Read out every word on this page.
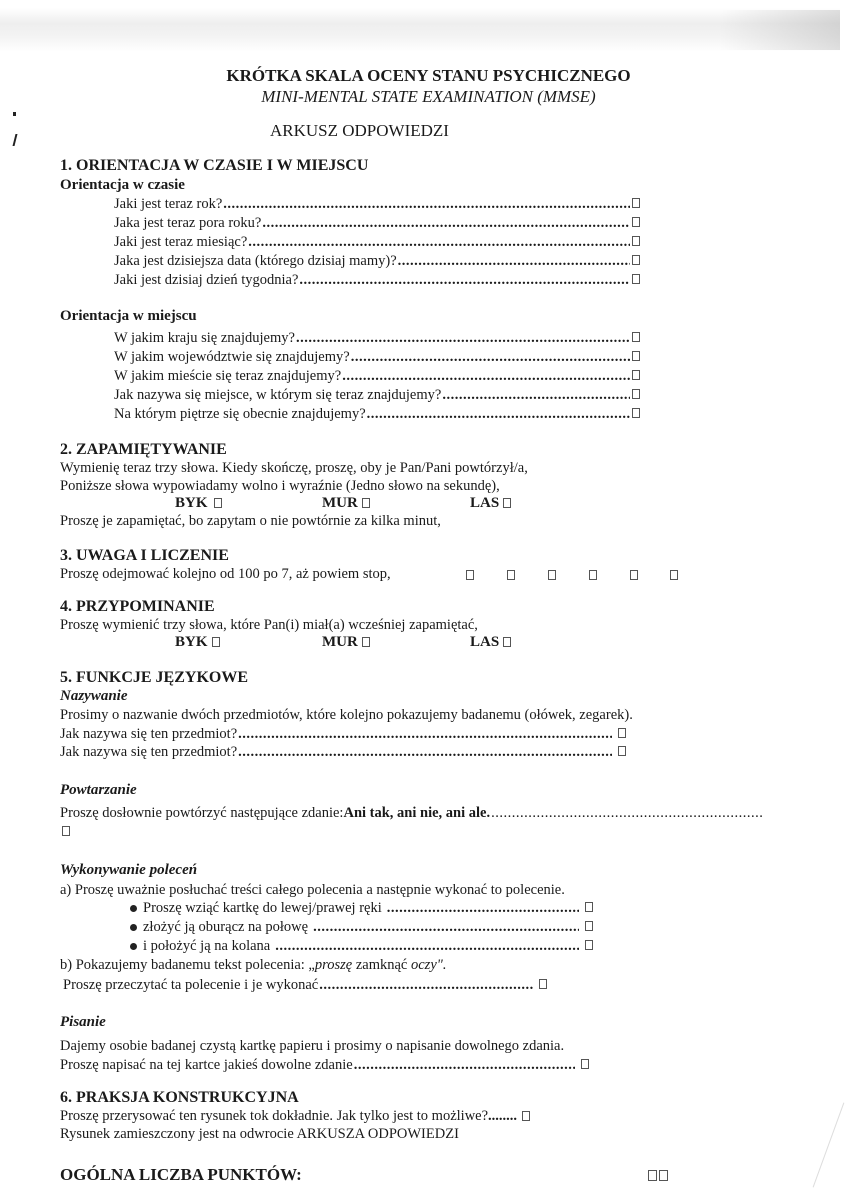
KRÓTKA SKALA OCENY STANU PSYCHICZNEGO
MINI-MENTAL STATE EXAMINATION (MMSE)
ARKUSZ ODPOWIEDZI
1. ORIENTACJA W CZASIE I W MIEJSCU
Orientacja w czasie
Jaki jest teraz rok?
.....
Jaka jest teraz pora roku?
.....
Jaki jest teraz miesiąc?
.....
Jaka jest dzisiejsza data (którego dzisiaj mamy)?
.....
Jaki jest dzisiaj dzień tygodnia?
.....
Orientacja w miejscu
W jakim kraju się znajdujemy?
.....
W jakim województwie się znajdujemy?
.....
W jakim mieście się teraz znajdujemy?
.....
Jak nazywa się miejsce, w którym się teraz znajdujemy?
.....
Na którym piętrze się obecnie znajdujemy?
.....
2. ZAPAMIĘTYWANIE
Wymienię teraz trzy słowa. Kiedy skończę, proszę, oby je Pan/Pani powtórzył/a,
Poniższe słowa wypowiadamy wolno i wyraźnie (Jedno słowo na sekundę),
BYK	MUR	LAS
Proszę je zapamiętać, bo zapytam o nie powtórnie za kilka minut,
3. UWAGA I LICZENIE
Proszę odejmować kolejno od 100 po 7, aż powiem stop,
4. PRZYPOMINANIE
Proszę wymienić trzy słowa, które Pan(i) miał(a) wcześniej zapamiętać,
BYK	MUR	LAS
5. FUNKCJE JĘZYKOWE
Nazywanie
Prosimy o nazwanie dwóch przedmiotów, które kolejno pokazujemy badanemu (ołówek, zegarek).
Jak nazywa się ten przedmiot?
.....
Jak nazywa się ten przedmiot?
.....
Powtarzanie
Proszę dosłownie powtórzyć następujące zdanie: Ani tak, ani nie, ani ale.
.....
Wykonywanie poleceń
a) Proszę uważnie posłuchać treści całego polecenia a następnie wykonać to polecenie.
Proszę wziąć kartkę do lewej/prawej ręki
.....
złożyć ją oburącz na połowę
.....
i położyć ją na kolana
.....
b) Pokazujemy badanemu tekst polecenia: „proszę zamknąć oczy".
Proszę przeczytać ta polecenie i je wykonać
.....
Pisanie
Dajemy osobie badanej czystą kartkę papieru i prosimy o napisanie dowolnego zdania.
Proszę napisać na tej kartce jakieś dowolne zdanie
.....
6. PRAKSJA KONSTRUKCYJNA
Proszę przerysować ten rysunek tok dokładnie. Jak tylko jest to możliwe?........
Rysunek zamieszczony jest na odwrocie ARKUSZA ODPOWIEDZI
OGÓLNA LICZBA PUNKTÓW:
